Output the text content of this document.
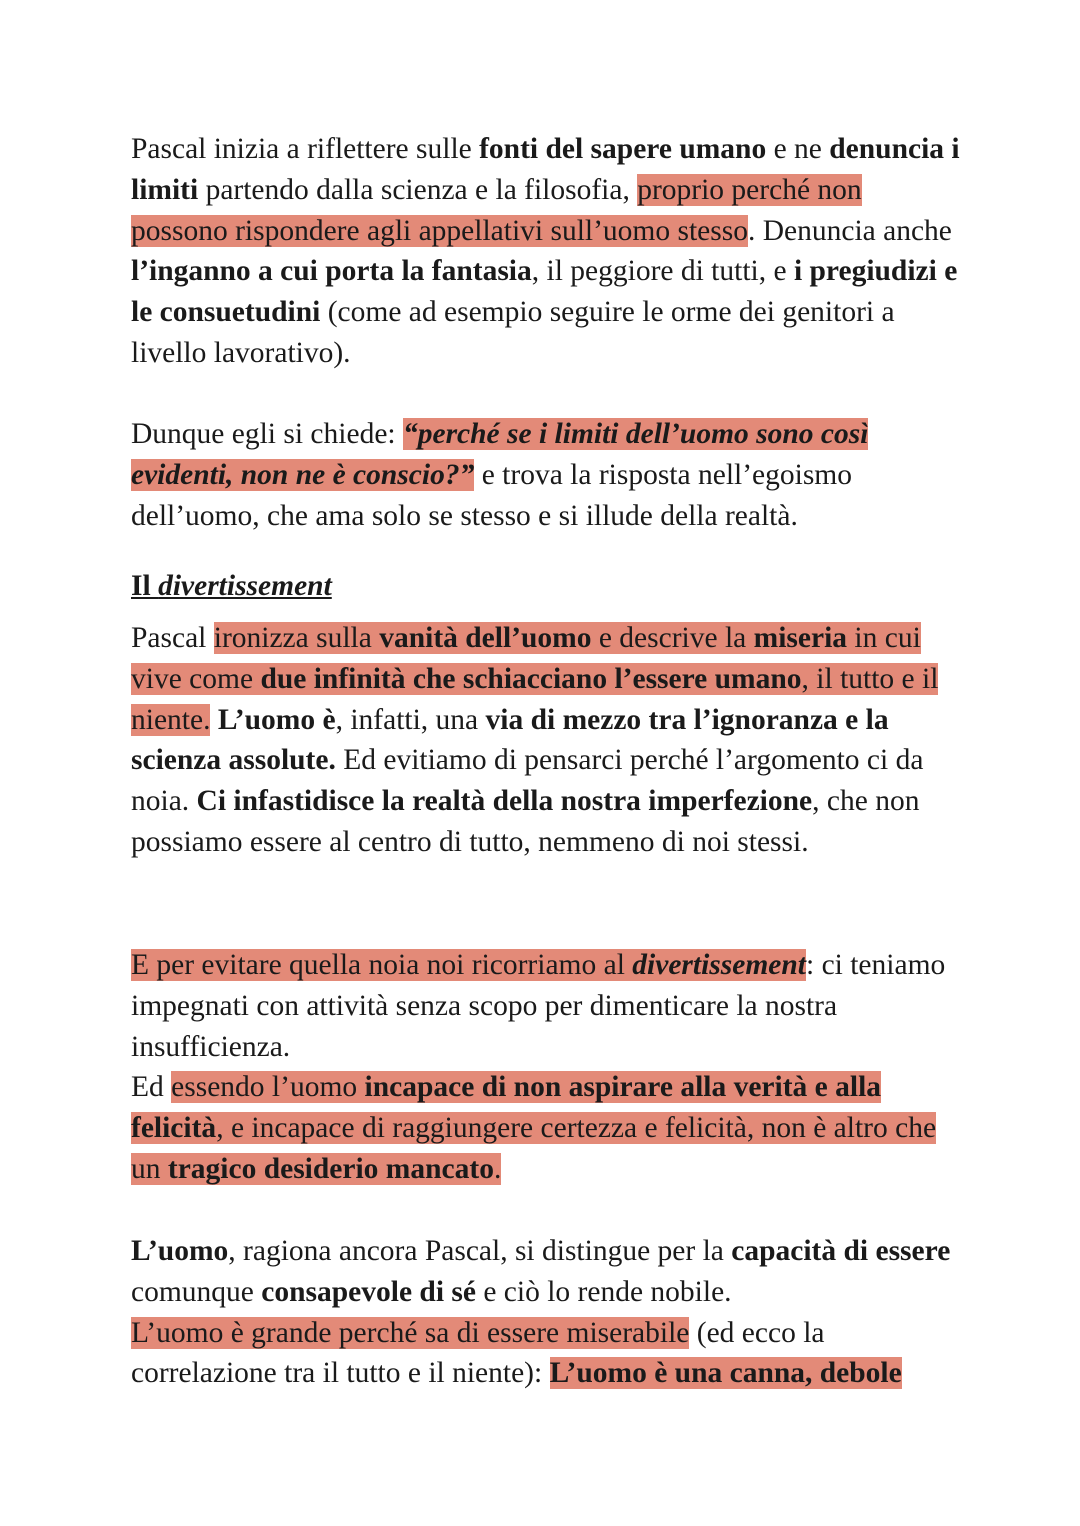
Pascal inizia a riflettere sulle fonti del sapere umano e ne denuncia i limiti partendo dalla scienza e la filosofia, proprio perché non possono rispondere agli appellativi sull’uomo stesso. Denuncia anche l’inganno a cui porta la fantasia, il peggiore di tutti, e i pregiudizi e le consuetudini (come ad esempio seguire le orme dei genitori a livello lavorativo).

Dunque egli si chiede: “perché se i limiti dell’uomo sono così evidenti, non ne è conscio?” e trova la risposta nell’egoismo dell’uomo, che ama solo se stesso e si illude della realtà.

Il divertissement

Pascal ironizza sulla vanità dell’uomo e descrive la miseria in cui vive come due infinità che schiacciano l’essere umano, il tutto e il niente. L’uomo è, infatti, una via di mezzo tra l’ignoranza e la scienza assolute. Ed evitiamo di pensarci perché l’argomento ci da noia. Ci infastidisce la realtà della nostra imperfezione, che non possiamo essere al centro di tutto, nemmeno di noi stessi.

E per evitare quella noia noi ricorriamo al divertissement: ci teniamo impegnati con attività senza scopo per dimenticare la nostra insufficienza.
Ed essendo l’uomo incapace di non aspirare alla verità e alla felicità, e incapace di raggiungere certezza e felicità, non è altro che un tragico desiderio mancato.

L’uomo, ragiona ancora Pascal, si distingue per la capacità di essere comunque consapevole di sé e ciò lo rende nobile.
L’uomo è grande perché sa di essere miserabile (ed ecco la correlazione tra il tutto e il niente): L’uomo è una canna, debole
